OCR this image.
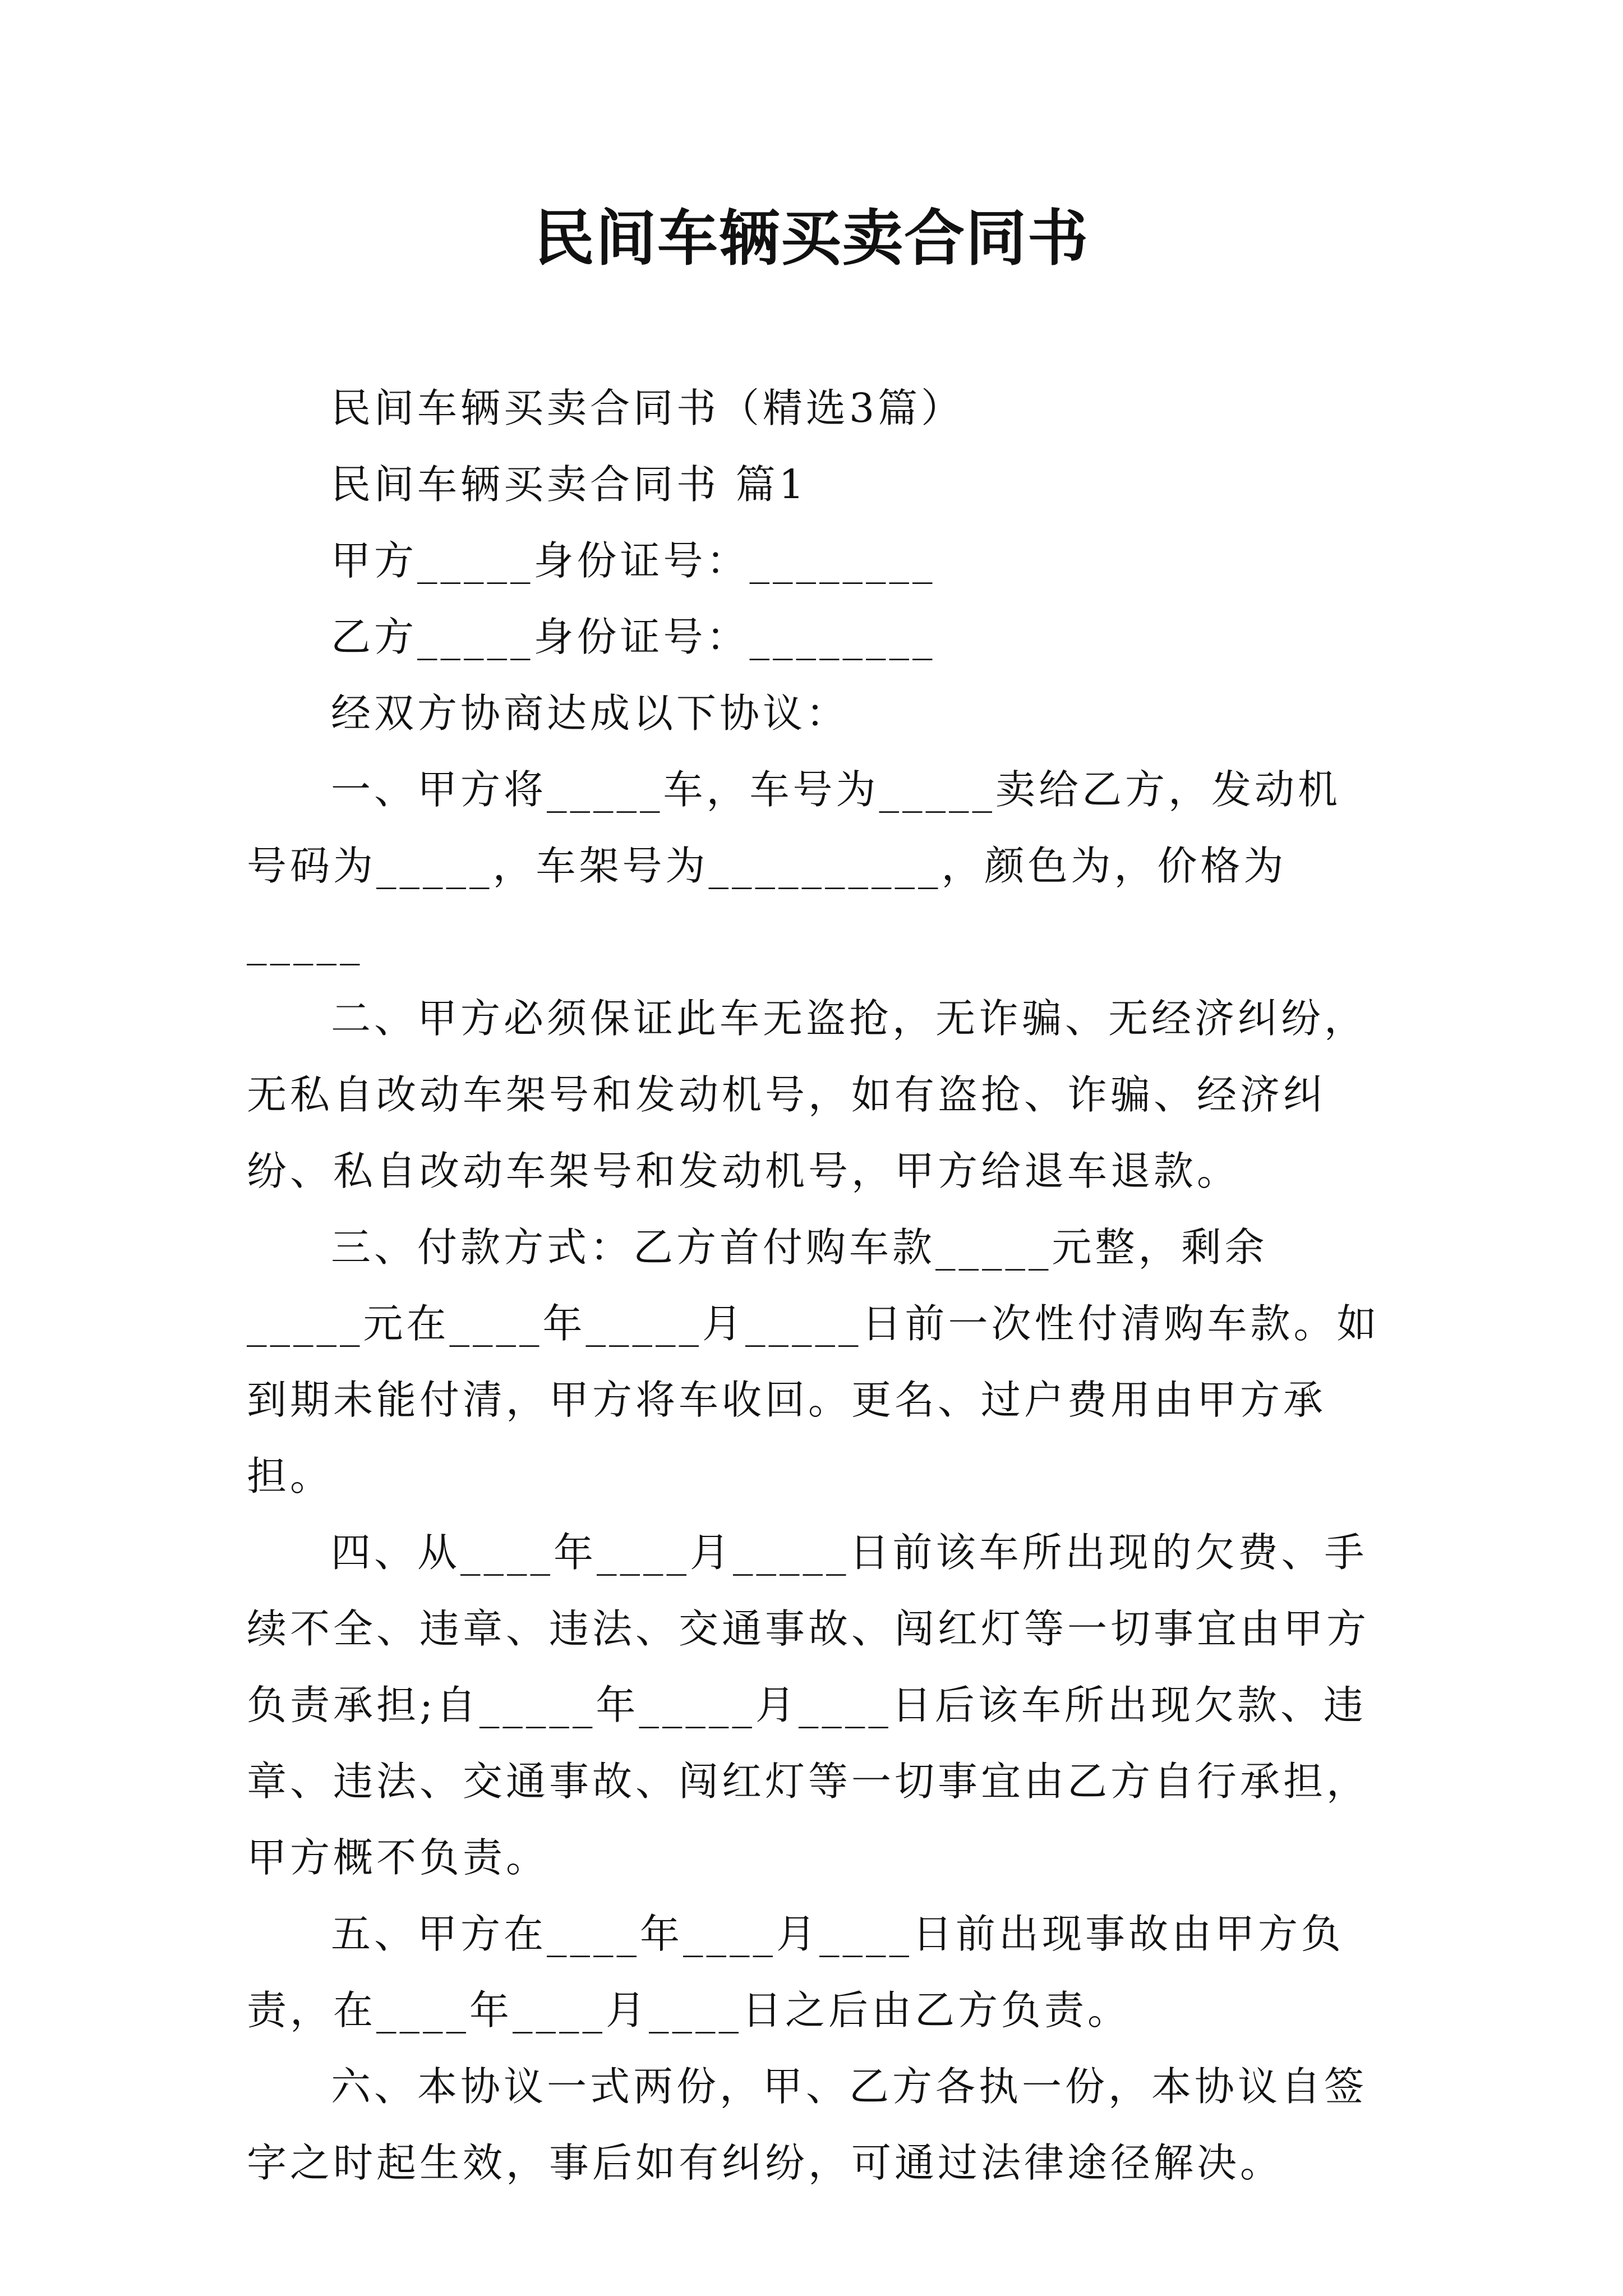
民间车辆买卖合同书

民间车辆买卖合同书（精选3篇）

民间车辆买卖合同书 篇1

甲方_____身份证号：________

乙方_____身份证号：________

经双方协商达成以下协议：

一、甲方将_____车，车号为_____卖给乙方，发动机号码为_____，车架号为__________，颜色为，价格为_____

二、甲方必须保证此车无盗抢，无诈骗、无经济纠纷，无私自改动车架号和发动机号，如有盗抢、诈骗、经济纠纷、私自改动车架号和发动机号，甲方给退车退款。

三、付款方式：乙方首付购车款_____元整，剩余_____元在____年_____月_____日前一次性付清购车款。如到期未能付清，甲方将车收回。更名、过户费用由甲方承担。

四、从____年____月_____日前该车所出现的欠费、手续不全、违章、违法、交通事故、闯红灯等一切事宜由甲方负责承担;自_____年_____月____日后该车所出现欠款、违章、违法、交通事故、闯红灯等一切事宜由乙方自行承担，甲方概不负责。

五、甲方在____年____月____日前出现事故由甲方负责，在____年____月____日之后由乙方负责。

六、本协议一式两份，甲、乙方各执一份，本协议自签字之时起生效，事后如有纠纷，可通过法律途径解决。
